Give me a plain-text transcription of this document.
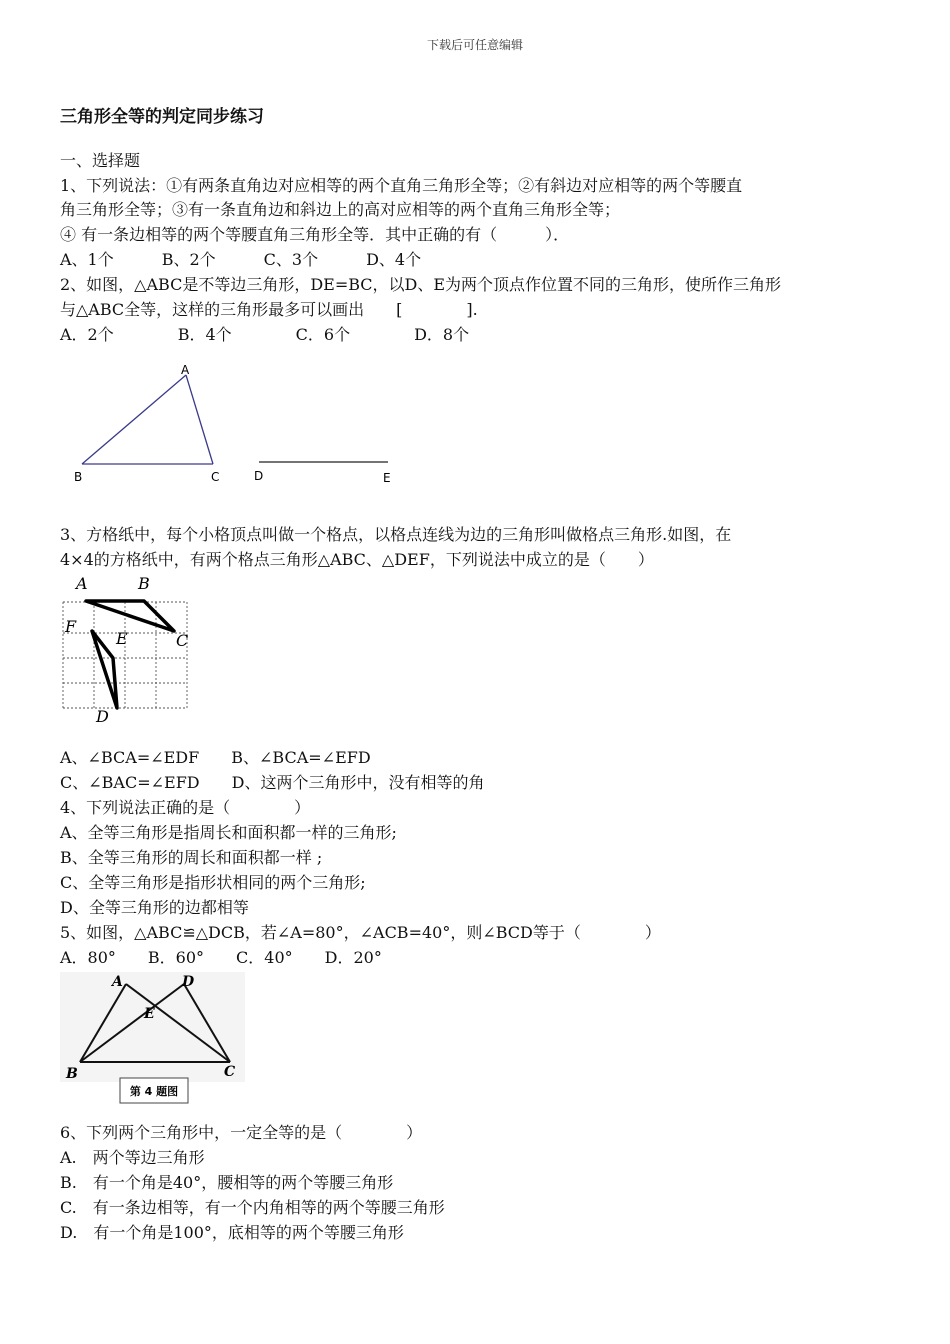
下载后可任意编辑
三角形全等的判定同步练习
一、选择题
1、下列说法：①有两条直角边对应相等的两个直角三角形全等；②有斜边对应相等的两个等腰直
角三角形全等；③有一条直角边和斜边上的高对应相等的两个直角三角形全等；
④ 有一条边相等的两个等腰直角三角形全等．其中正确的有（　　　）．
A、1个　　　B、2个　　　C、3个　　　D、4个
2、如图，△ABC是不等边三角形，DE=BC，以D、E为两个顶点作位置不同的三角形，使所作三角形
与△ABC全等，这样的三角形最多可以画出　　[　　　　].
A．2个　　　　B．4个　　　　C．6个　　　　D．8个
A
B	C	D	E
3、方格纸中，每个小格顶点叫做一个格点，以格点连线为边的三角形叫做格点三角形.如图，在
4×4的方格纸中，有两个格点三角形△ABC、△DEF，下列说法中成立的是（　　）
A	B
C
D
E
F
A、∠BCA=∠EDF　　B、∠BCA=∠EFD
C、∠BAC=∠EFD　　D、这两个三角形中，没有相等的角
4、下列说法正确的是（　　　　）
A、全等三角形是指周长和面积都一样的三角形;
B、全等三角形的周长和面积都一样 ;
C、全等三角形是指形状相同的两个三角形;
D、全等三角形的边都相等
5、如图，△ABC≌△DCB，若∠A=80°，∠ACB=40°，则∠BCD等于（　　　　）
A．80°　　B．60°　　C．40°　　D．20°
A	D
E
B	C
第 4 题图
6、下列两个三角形中，一定全等的是（　　　　）
A.　两个等边三角形
B.　有一个角是40°，腰相等的两个等腰三角形
C.　有一条边相等，有一个内角相等的两个等腰三角形
D.　有一个角是100°，底相等的两个等腰三角形
